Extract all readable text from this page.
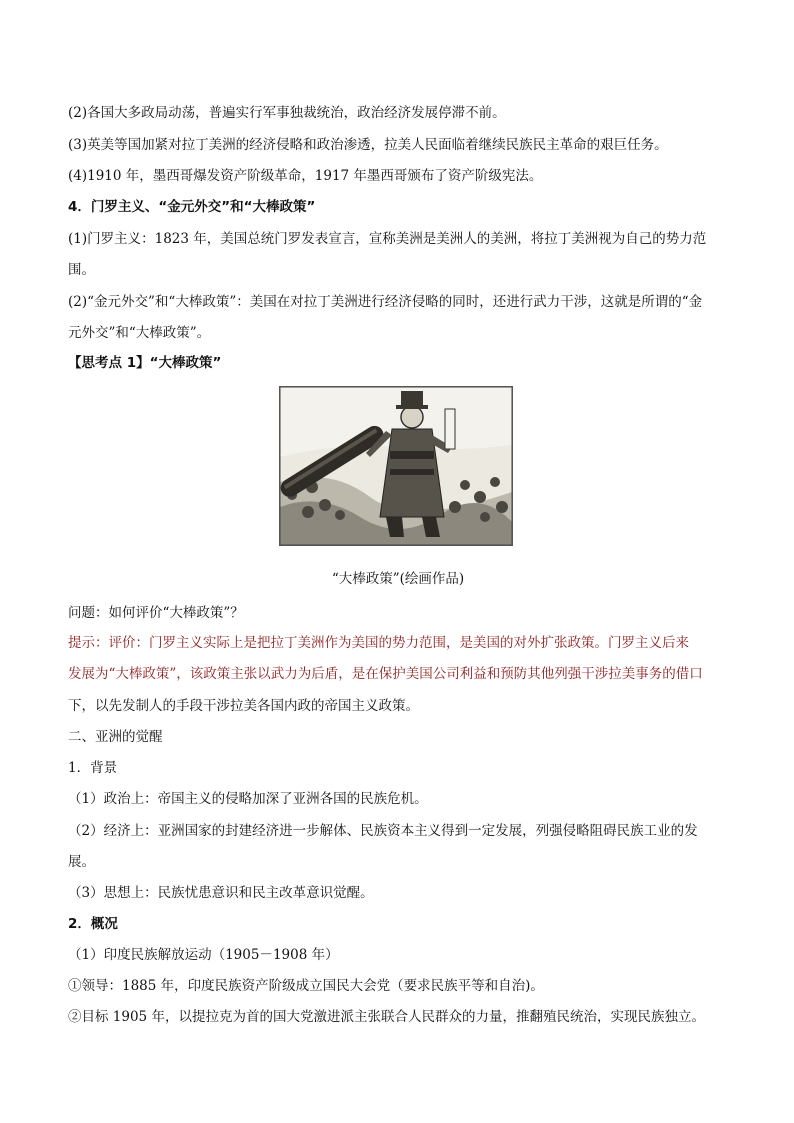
(2)各国大多政局动荡，普遍实行军事独裁统治，政治经济发展停滞不前。
(3)英美等国加紧对拉丁美洲的经济侵略和政治渗透，拉美人民面临着继续民族民主革命的艰巨任务。
(4)1910 年，墨西哥爆发资产阶级革命，1917 年墨西哥颁布了资产阶级宪法。
4．门罗主义、“金元外交”和“大棒政策”
(1)门罗主义：1823 年，美国总统门罗发表宣言，宣称美洲是美洲人的美洲，将拉丁美洲视为自己的势力范
围。
(2)“金元外交”和“大棒政策”：美国在对拉丁美洲进行经济侵略的同时，还进行武力干涉，这就是所谓的“金
元外交”和“大棒政策”。
【思考点 1】“大棒政策”
“大棒政策”(绘画作品)
问题：如何评价“大棒政策”？
提示：评价：门罗主义实际上是把拉丁美洲作为美国的势力范围，是美国的对外扩张政策。门罗主义后来
发展为“大棒政策”，该政策主张以武力为后盾，是在保护美国公司利益和预防其他列强干涉拉美事务的借口
下，以先发制人的手段干涉拉美各国内政的帝国主义政策。
二、亚洲的觉醒
1．背景
（1）政治上：帝国主义的侵略加深了亚洲各国的民族危机。
（2）经济上：亚洲国家的封建经济进一步解体、民族资本主义得到一定发展，列强侵略阻碍民族工业的发
展。
（3）思想上：民族忧患意识和民主改革意识觉醒。
2．概况
（1）印度民族解放运动（1905－1908 年）
①领导：1885 年，印度民族资产阶级成立国民大会党（要求民族平等和自治)。
②目标 1905 年，以提拉克为首的国大党激进派主张联合人民群众的力量，推翻殖民统治，实现民族独立。
